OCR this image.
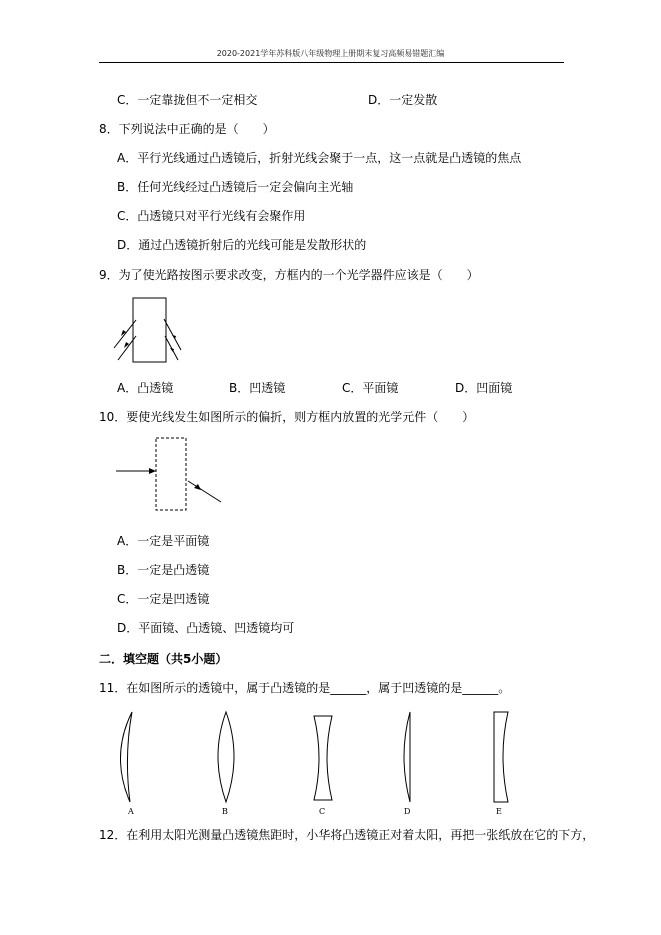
2020-2021学年苏科版八年级物理上册期末复习高频易错题汇编
C．一定靠拢但不一定相交	D．一定发散
8．下列说法中正确的是（　　）
A．平行光线通过凸透镜后，折射光线会聚于一点，这一点就是凸透镜的焦点
B．任何光线经过凸透镜后一定会偏向主光轴
C．凸透镜只对平行光线有会聚作用
D．通过凸透镜折射后的光线可能是发散形状的
9．为了使光路按图示要求改变，方框内的一个光学器件应该是（　　）
A．凸透镜	B．凹透镜	C．平面镜	D．凹面镜
10．要使光线发生如图所示的偏折，则方框内放置的光学元件（　　）
A．一定是平面镜
B．一定是凸透镜
C．一定是凹透镜
D．平面镜、凸透镜、凹透镜均可
二．填空题（共5小题）
11．在如图所示的透镜中，属于凸透镜的是______，属于凹透镜的是______。
A	B	C	D	E
12．在利用太阳光测量凸透镜焦距时，小华将凸透镜正对着太阳，再把一张纸放在它的下方，
